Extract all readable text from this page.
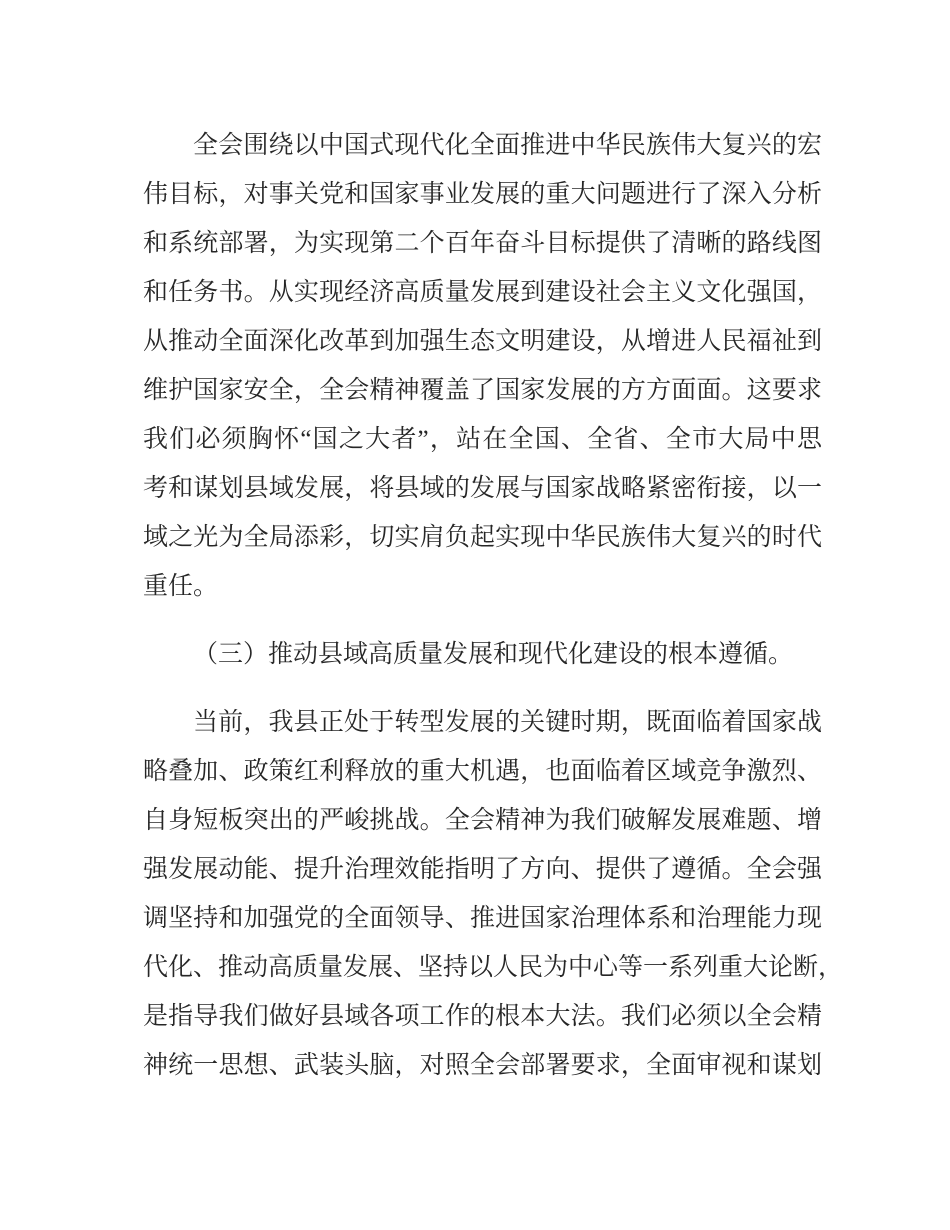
全会围绕以中国式现代化全面推进中华民族伟大复兴的宏
伟目标，对事关党和国家事业发展的重大问题进行了深入分析
和系统部署，为实现第二个百年奋斗目标提供了清晰的路线图
和任务书。从实现经济高质量发展到建设社会主义文化强国，
从推动全面深化改革到加强生态文明建设，从增进人民福祉到
维护国家安全，全会精神覆盖了国家发展的方方面面。这要求
我们必须胸怀“国之大者”，站在全国、全省、全市大局中思
考和谋划县域发展，将县域的发展与国家战略紧密衔接，以一
域之光为全局添彩，切实肩负起实现中华民族伟大复兴的时代
重任。

（三）推动县域高质量发展和现代化建设的根本遵循。

当前，我县正处于转型发展的关键时期，既面临着国家战
略叠加、政策红利释放的重大机遇，也面临着区域竞争激烈、
自身短板突出的严峻挑战。全会精神为我们破解发展难题、增
强发展动能、提升治理效能指明了方向、提供了遵循。全会强
调坚持和加强党的全面领导、推进国家治理体系和治理能力现
代化、推动高质量发展、坚持以人民为中心等一系列重大论断，
是指导我们做好县域各项工作的根本大法。我们必须以全会精
神统一思想、武装头脑，对照全会部署要求，全面审视和谋划
